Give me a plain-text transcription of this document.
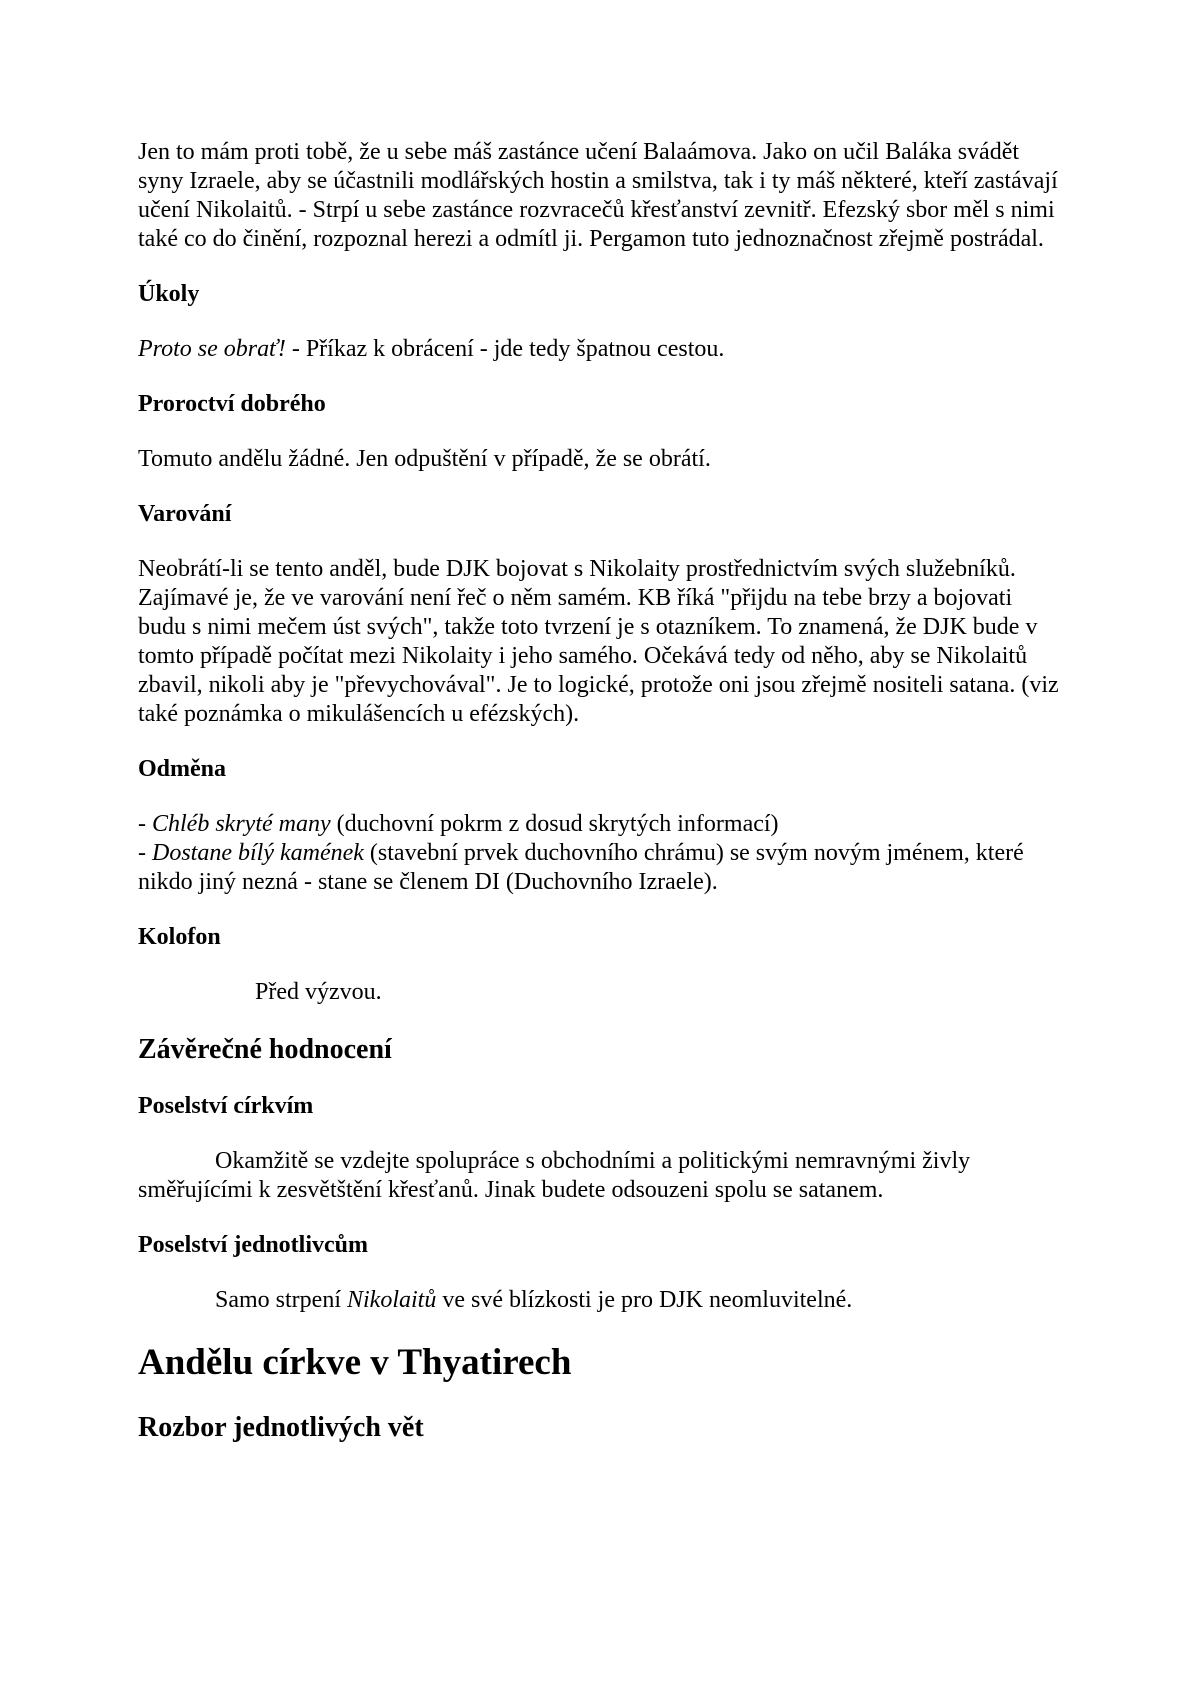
Jen to mám proti tobě, že u sebe máš zastánce učení Balaámova. Jako on učil Baláka svádět syny Izraele, aby se účastnili modlářských hostin a smilstva, tak i ty máš některé, kteří zastávají učení Nikolaitů. - Strpí u sebe zastánce rozvracečů křesťanství zevnitř. Efezský sbor měl s nimi také co do činění, rozpoznal herezi a odmítl ji. Pergamon tuto jednoznačnost zřejmě postrádal.

Úkoly

Proto se obrať! - Příkaz k obrácení - jde tedy špatnou cestou.

Proroctví dobrého

Tomuto andělu žádné. Jen odpuštění v případě, že se obrátí.

Varování

Neobrátí-li se tento anděl, bude DJK bojovat s Nikolaity prostřednictvím svých služebníků. Zajímavé je, že ve varování není řeč o něm samém. KB říká "přijdu na tebe brzy a bojovati budu s nimi mečem úst svých", takže toto tvrzení je s otazníkem. To znamená, že DJK bude v tomto případě počítat mezi Nikolaity i jeho samého. Očekává tedy od něho, aby se Nikolaitů zbavil, nikoli aby je "převychovával". Je to logické, protože oni jsou zřejmě nositeli satana. (viz také poznámka o mikulášencích u efézských).

Odměna

- Chléb skryté many (duchovní pokrm z dosud skrytých informací)
- Dostane bílý kamének (stavební prvek duchovního chrámu) se svým novým jménem, které nikdo jiný nezná - stane se členem DI (Duchovního Izraele).

Kolofon

Před výzvou.

Závěrečné hodnocení
Poselství církvím

Okamžitě se vzdejte spolupráce s obchodními a politickými nemravnými živly směřujícími k zesvětštění křesťanů. Jinak budete odsouzeni spolu se satanem.

Poselství jednotlivcům

Samo strpení Nikolaitů ve své blízkosti je pro DJK neomluvitelné.

Andělu církve v Thyatirech
Rozbor jednotlivých vět
